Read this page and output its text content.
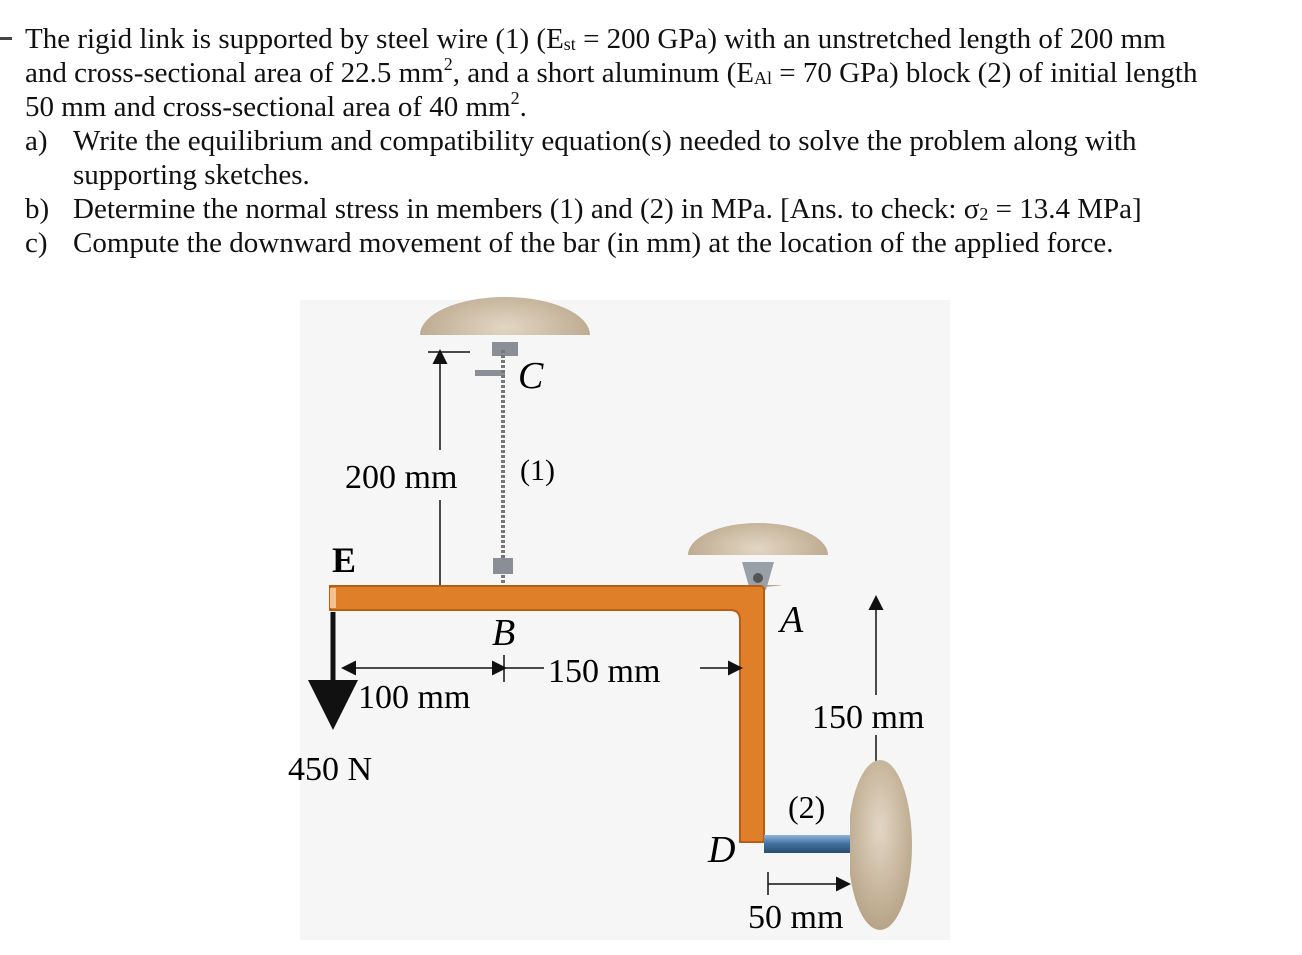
The rigid link is supported by steel wire (1) ($E_{st} = 200$ GPa) with an unstretched length of 200 mm
and cross-sectional area of 22.5 $mm^2$, and a short aluminum ($E_{Al} = 70$ GPa) block (2) of initial length
50 mm and cross-sectional area of 40 $mm^2$.
a) Write the equilibrium and compatibility equation(s) needed to solve the problem along with
supporting sketches.
b) Determine the normal stress in members (1) and (2) in MPa. [Ans. to check: $\sigma_2 = 13.4$ MPa]
c) Compute the downward movement of the bar (in mm) at the location of the applied force.
C
(1)
200 mm
E
B	A
450 N
100 mm
150 mm
150 mm
(2)
D
50 mm
